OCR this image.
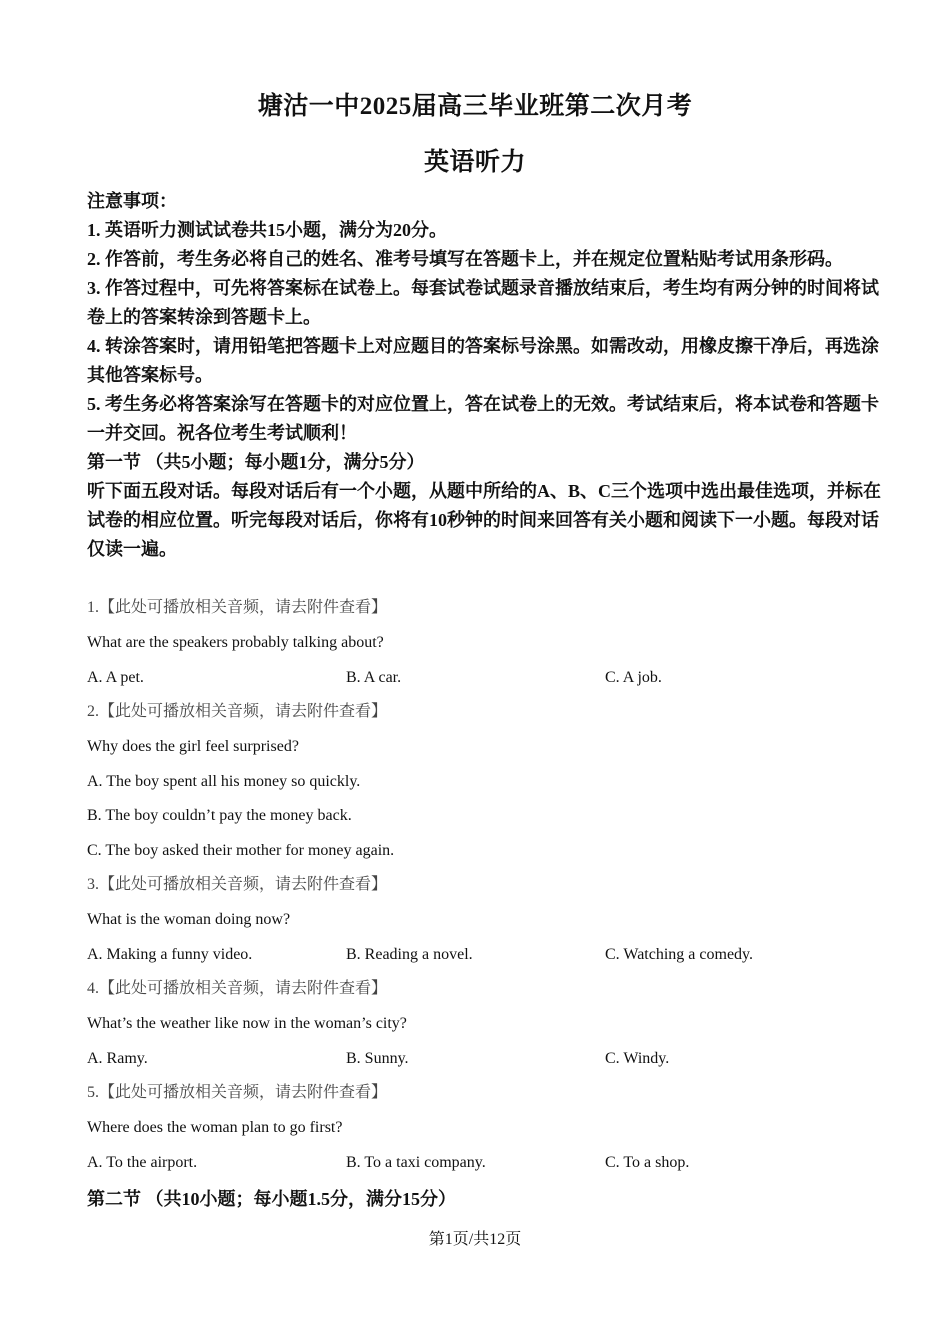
塘沽一中2025届高三毕业班第二次月考
英语听力

注意事项：

1. 英语听力测试试卷共15小题，满分为20分。

2. 作答前，考生务必将自己的姓名、准考号填写在答题卡上，并在规定位置粘贴考试用条形码。

3. 作答过程中，可先将答案标在试卷上。每套试卷试题录音播放结束后，考生均有两分钟的时间将试卷上的答案转涂到答题卡上。

4. 转涂答案时，请用铅笔把答题卡上对应题目的答案标号涂黑。如需改动，用橡皮擦干净后，再选涂其他答案标号。

5. 考生务必将答案涂写在答题卡的对应位置上，答在试卷上的无效。考试结束后，将本试卷和答题卡一并交回。祝各位考生考试顺利！

第一节 （共5小题；每小题1分，满分5分）

听下面五段对话。每段对话后有一个小题，从题中所给的A、B、C三个选项中选出最佳选项，并标在试卷的相应位置。听完每段对话后，你将有10秒钟的时间来回答有关小题和阅读下一小题。每段对话仅读一遍。

1.【此处可播放相关音频，请去附件查看】
What are the speakers probably talking about?
A. A pet.	B. A car.	C. A job.
2.【此处可播放相关音频，请去附件查看】
Why does the girl feel surprised?
A. The boy spent all his money so quickly.
B. The boy couldn’t pay the money back.
C. The boy asked their mother for money again.
3.【此处可播放相关音频，请去附件查看】
What is the woman doing now?
A. Making a funny video.	B. Reading a novel.	C. Watching a comedy.
4.【此处可播放相关音频，请去附件查看】
What’s the weather like now in the woman’s city?
A. Ramy.	B. Sunny.	C. Windy.
5.【此处可播放相关音频，请去附件查看】
Where does the woman plan to go first?
A. To the airport.	B. To a taxi company.	C. To a shop.
第二节 （共10小题；每小题1.5分，满分15分）
第1页/共12页
